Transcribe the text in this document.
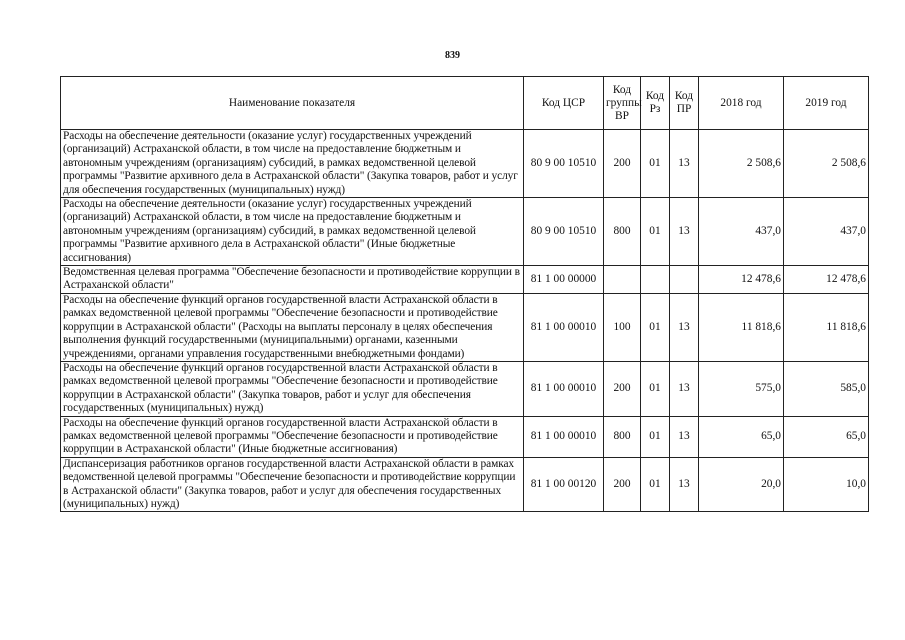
839
Наименование показателя	Код ЦСР	Код
группы
ВР	Код
Рз	Код
ПР	2018 год	2019 год
Расходы на обеспечение деятельности (оказание услуг) государственных учреждений (организаций) Астраханской области, в том числе на предоставление бюджетным и автономным учреждениям (организациям) субсидий, в рамках ведомственной целевой программы "Развитие архивного дела в Астраханской области" (Закупка товаров, работ и услуг для обеспечения государственных (муниципальных) нужд)	80 9 00 10510	200	01	13	2 508,6	2 508,6
Расходы на обеспечение деятельности (оказание услуг) государственных учреждений (организаций) Астраханской области, в том числе на предоставление бюджетным и автономным учреждениям (организациям) субсидий, в рамках ведомственной целевой программы "Развитие архивного дела в Астраханской области" (Иные бюджетные ассигнования)	80 9 00 10510	800	01	13	437,0	437,0
Ведомственная целевая программа "Обеспечение безопасности и противодействие коррупции в Астраханской области"	81 1 00 00000				12 478,6	12 478,6
Расходы на обеспечение функций органов государственной власти Астраханской области в рамках ведомственной целевой программы "Обеспечение безопасности и противодействие коррупции в Астраханской области" (Расходы на выплаты персоналу в целях обеспечения выполнения функций государственными (муниципальными) органами, казенными учреждениями, органами управления государственными внебюджетными фондами)	81 1 00 00010	100	01	13	11 818,6	11 818,6
Расходы на обеспечение функций органов государственной власти Астраханской области в рамках ведомственной целевой программы "Обеспечение безопасности и противодействие коррупции в Астраханской области" (Закупка товаров, работ и услуг для обеспечения государственных (муниципальных) нужд)	81 1 00 00010	200	01	13	575,0	585,0
Расходы на обеспечение функций органов государственной власти Астраханской области в рамках ведомственной целевой программы "Обеспечение безопасности и противодействие коррупции в Астраханской области" (Иные бюджетные ассигнования)	81 1 00 00010	800	01	13	65,0	65,0
Диспансеризация работников органов государственной власти Астраханской области в рамках ведомственной целевой программы "Обеспечение безопасности и противодействие коррупции в Астраханской области" (Закупка товаров, работ и услуг для обеспечения государственных (муниципальных) нужд)	81 1 00 00120	200	01	13	20,0	10,0
